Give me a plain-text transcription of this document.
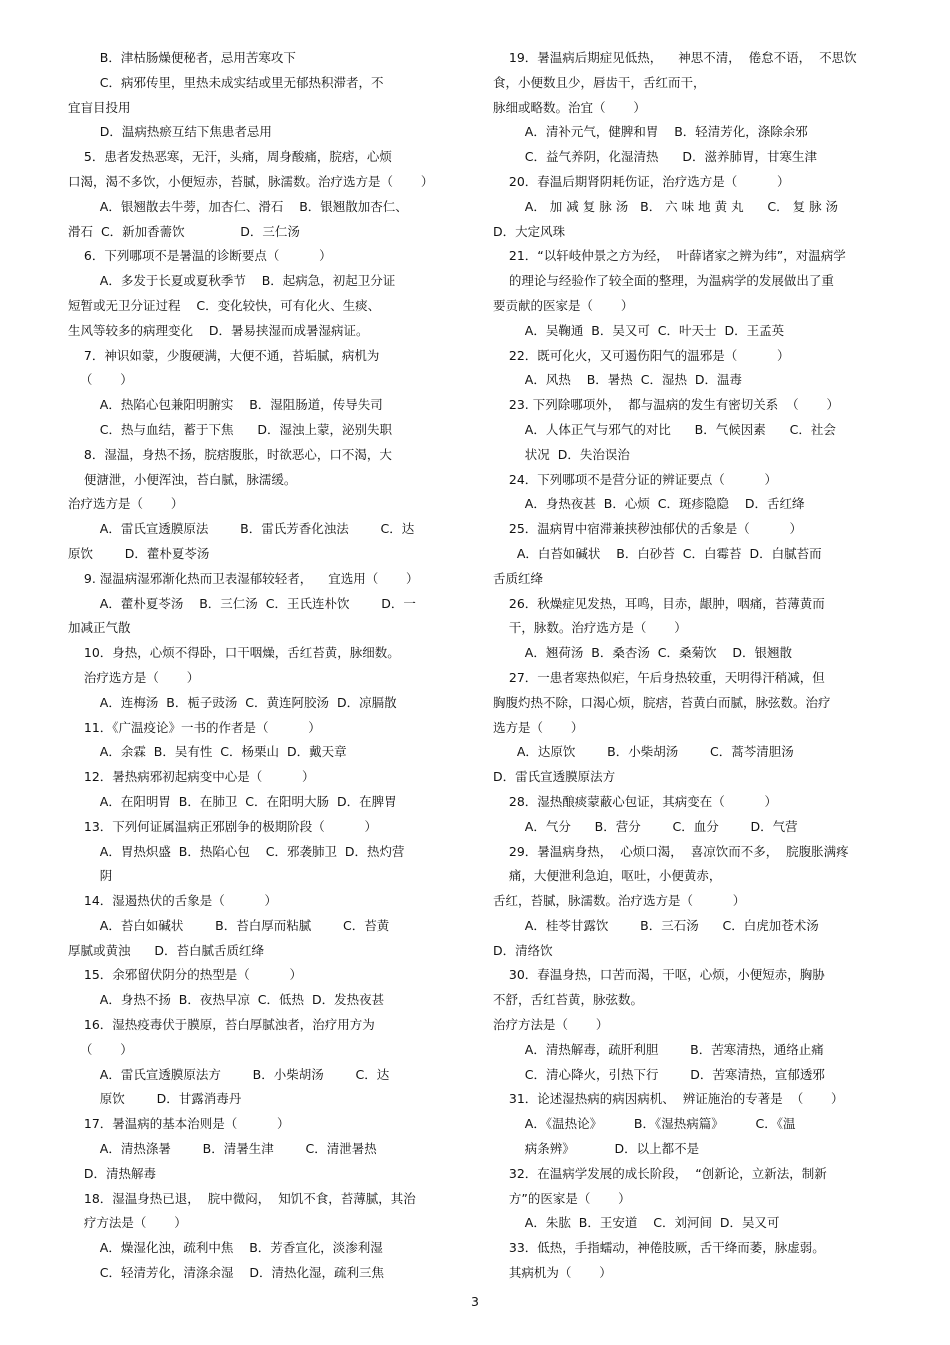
B．津枯肠燥便秘者，忌用苦寒攻下
C．病邪传里，里热未成实结或里无郁热积滞者，不
宜盲目投用
D．温病热瘀互结下焦患者忌用
5．患者发热恶寒，无汗，头痛，周身酸痛，脘痞，心烦
口渴，渴不多饮，小便短赤，苔腻，脉濡数。治疗选方是（       ）
A．银翘散去牛蒡，加杏仁、滑石    B．银翘散加杏仁、
滑石  C．新加香薷饮              D．三仁汤
6．下列哪项不是暑温的诊断要点（          ）
A．多发于长夏或夏秋季节    B．起病急，初起卫分证
短暂或无卫分证过程    C．变化较快，可有化火、生痰、
生风等较多的病理变化    D．暑易挟湿而成暑湿病证。
7．神识如蒙，少腹硬满，大便不通，苔垢腻，病机为
（       ）
A．热陷心包兼阳明腑实    B．湿阻肠道，传导失司
C．热与血结，蓄于下焦      D．湿浊上蒙，泌别失职
8．湿温，身热不扬，脘痞腹胀，时欲恶心，口不渴，大
便溏泄，小便浑浊，苔白腻，脉濡缓。
治疗选方是（       ）
A．雷氏宣透膜原法        B．雷氏芳香化浊法        C．达
原饮        D．藿朴夏苓汤
9. 湿温病湿邪渐化热而卫表湿郁较轻者，    宜选用（       ）
A．藿朴夏苓汤    B．三仁汤  C．王氏连朴饮        D．一
加减正气散
10．身热，心烦不得卧，口干咽燥，舌红苔黄，脉细数。
治疗选方是（       ）
A．连梅汤  B．栀子豉汤  C．黄连阿胶汤  D．凉膈散
11．《广温疫论》一书的作者是（          ）
A．余霖  B．吴有性  C．杨栗山  D．戴天章
12．暑热病邪初起病变中心是（          ）
A．在阳明胃  B．在肺卫  C．在阳明大肠  D．在脾胃
13．下列何证属温病正邪剧争的极期阶段（          ）
A．胃热炽盛  B．热陷心包    C．邪袭肺卫  D．热灼营
阴
14．湿遏热伏的舌象是（          ）
A．苔白如碱状        B．苔白厚而粘腻        C．苔黄
厚腻或黄浊      D．苔白腻舌质红绛
15．余邪留伏阴分的热型是（          ）
A．身热不扬  B．夜热早凉  C．低热  D．发热夜甚
16．湿热疫毒伏于膜原，苔白厚腻浊者，治疗用方为
（       ）
A．雷氏宣透膜原法方        B．小柴胡汤        C．达
原饮        D．甘露消毒丹
17．暑温病的基本治则是（          ）
A．清热涤暑        B．清暑生津        C．清泄暑热
D．清热解毒
18．湿温身热已退，  脘中微闷，  知饥不食，苔薄腻，其治
疗方法是（       ）
A．燥湿化浊，疏利中焦    B．芳香宣化，淡渗利湿
C．轻清芳化，清涤余湿    D．清热化湿，疏利三焦
19．暑温病后期症见低热，    神思不清，  倦怠不语，  不思饮
食，小便数且少，唇齿干，舌红而干，
脉细或略数。治宜（       ）
A．清补元气，健脾和胃    B．轻清芳化，涤除余邪
C．益气养阴，化湿清热      D．滋养肺胃，甘寒生津
20．春温后期肾阴耗伤证，治疗选方是（          ）
A． 加 减 复 脉 汤   B． 六 味 地 黄 丸      C． 复 脉 汤
D．大定风珠
21．“以轩岐仲景之方为经，  叶薛诸家之辨为纬”，对温病学
的理论与经验作了较全面的整理，为温病学的发展做出了重
要贡献的医家是（       ）
A．吴鞠通  B．吴又可  C．叶天士  D．王孟英
22．既可化火，又可遏伤阳气的温邪是（          ）
A．风热    B．暑热  C．湿热  D．温毒
23. 下列除哪项外，  都与温病的发生有密切关系  （       ）
A．人体正气与邪气的对比      B．气候因素      C．社会
状况  D．失治误治
24．下列哪项不是营分证的辨证要点（          ）
A．身热夜甚  B．心烦  C．斑疹隐隐    D．舌红绛
25．温病胃中宿滞兼挟秽浊郁伏的舌象是（          ）
A．白苔如碱状    B．白砂苔  C．白霉苔  D．白腻苔而
舌质红绛
26．秋燥症见发热，耳鸣，目赤，龈肿，咽痛，苔薄黄而
干，脉数。治疗选方是（       ）
A．翘荷汤  B．桑杏汤  C．桑菊饮    D．银翘散
27．一患者寒热似疟，午后身热较重，天明得汗稍减，但
胸腹灼热不除，口渴心烦，脘痞，苔黄白而腻，脉弦数。治疗
选方是（       ）
A．达原饮        B．小柴胡汤        C．蒿芩清胆汤
D．雷氏宣透膜原法方
28．湿热酿痰蒙蔽心包证，其病变在（          ）
A．气分      B．营分        C．血分        D．气营
29．暑温病身热，  心烦口渴，  喜凉饮而不多，  脘腹胀满疼
痛，大便泄利急迫，呕吐，小便黄赤，
舌红，苔腻，脉濡数。治疗选方是（          ）
A．桂苓甘露饮        B．三石汤      C．白虎加苍术汤
D．清络饮
30．春温身热，口苦而渴，干呕，心烦，小便短赤，胸胁
不舒，舌红苔黄，脉弦数。
治疗方法是（       ）
A．清热解毒，疏肝利胆        B．苦寒清热，通络止痛
C．清心降火，引热下行        D．苦寒清热，宣郁透邪
31．论述湿热病的病因病机、  辨证施治的专著是  （       ）
A．《温热论》        B．《湿热病篇》        C．《温
病条辨》          D．以上都不是
32．在温病学发展的成长阶段，  “创新论，立新法，制新
方”的医家是（       ）
A．朱肱  B．王安道    C．刘河间  D．吴又可
33．低热，手指蠕动，神倦肢厥，舌干绛而萎，脉虚弱。
其病机为（       ）
3
